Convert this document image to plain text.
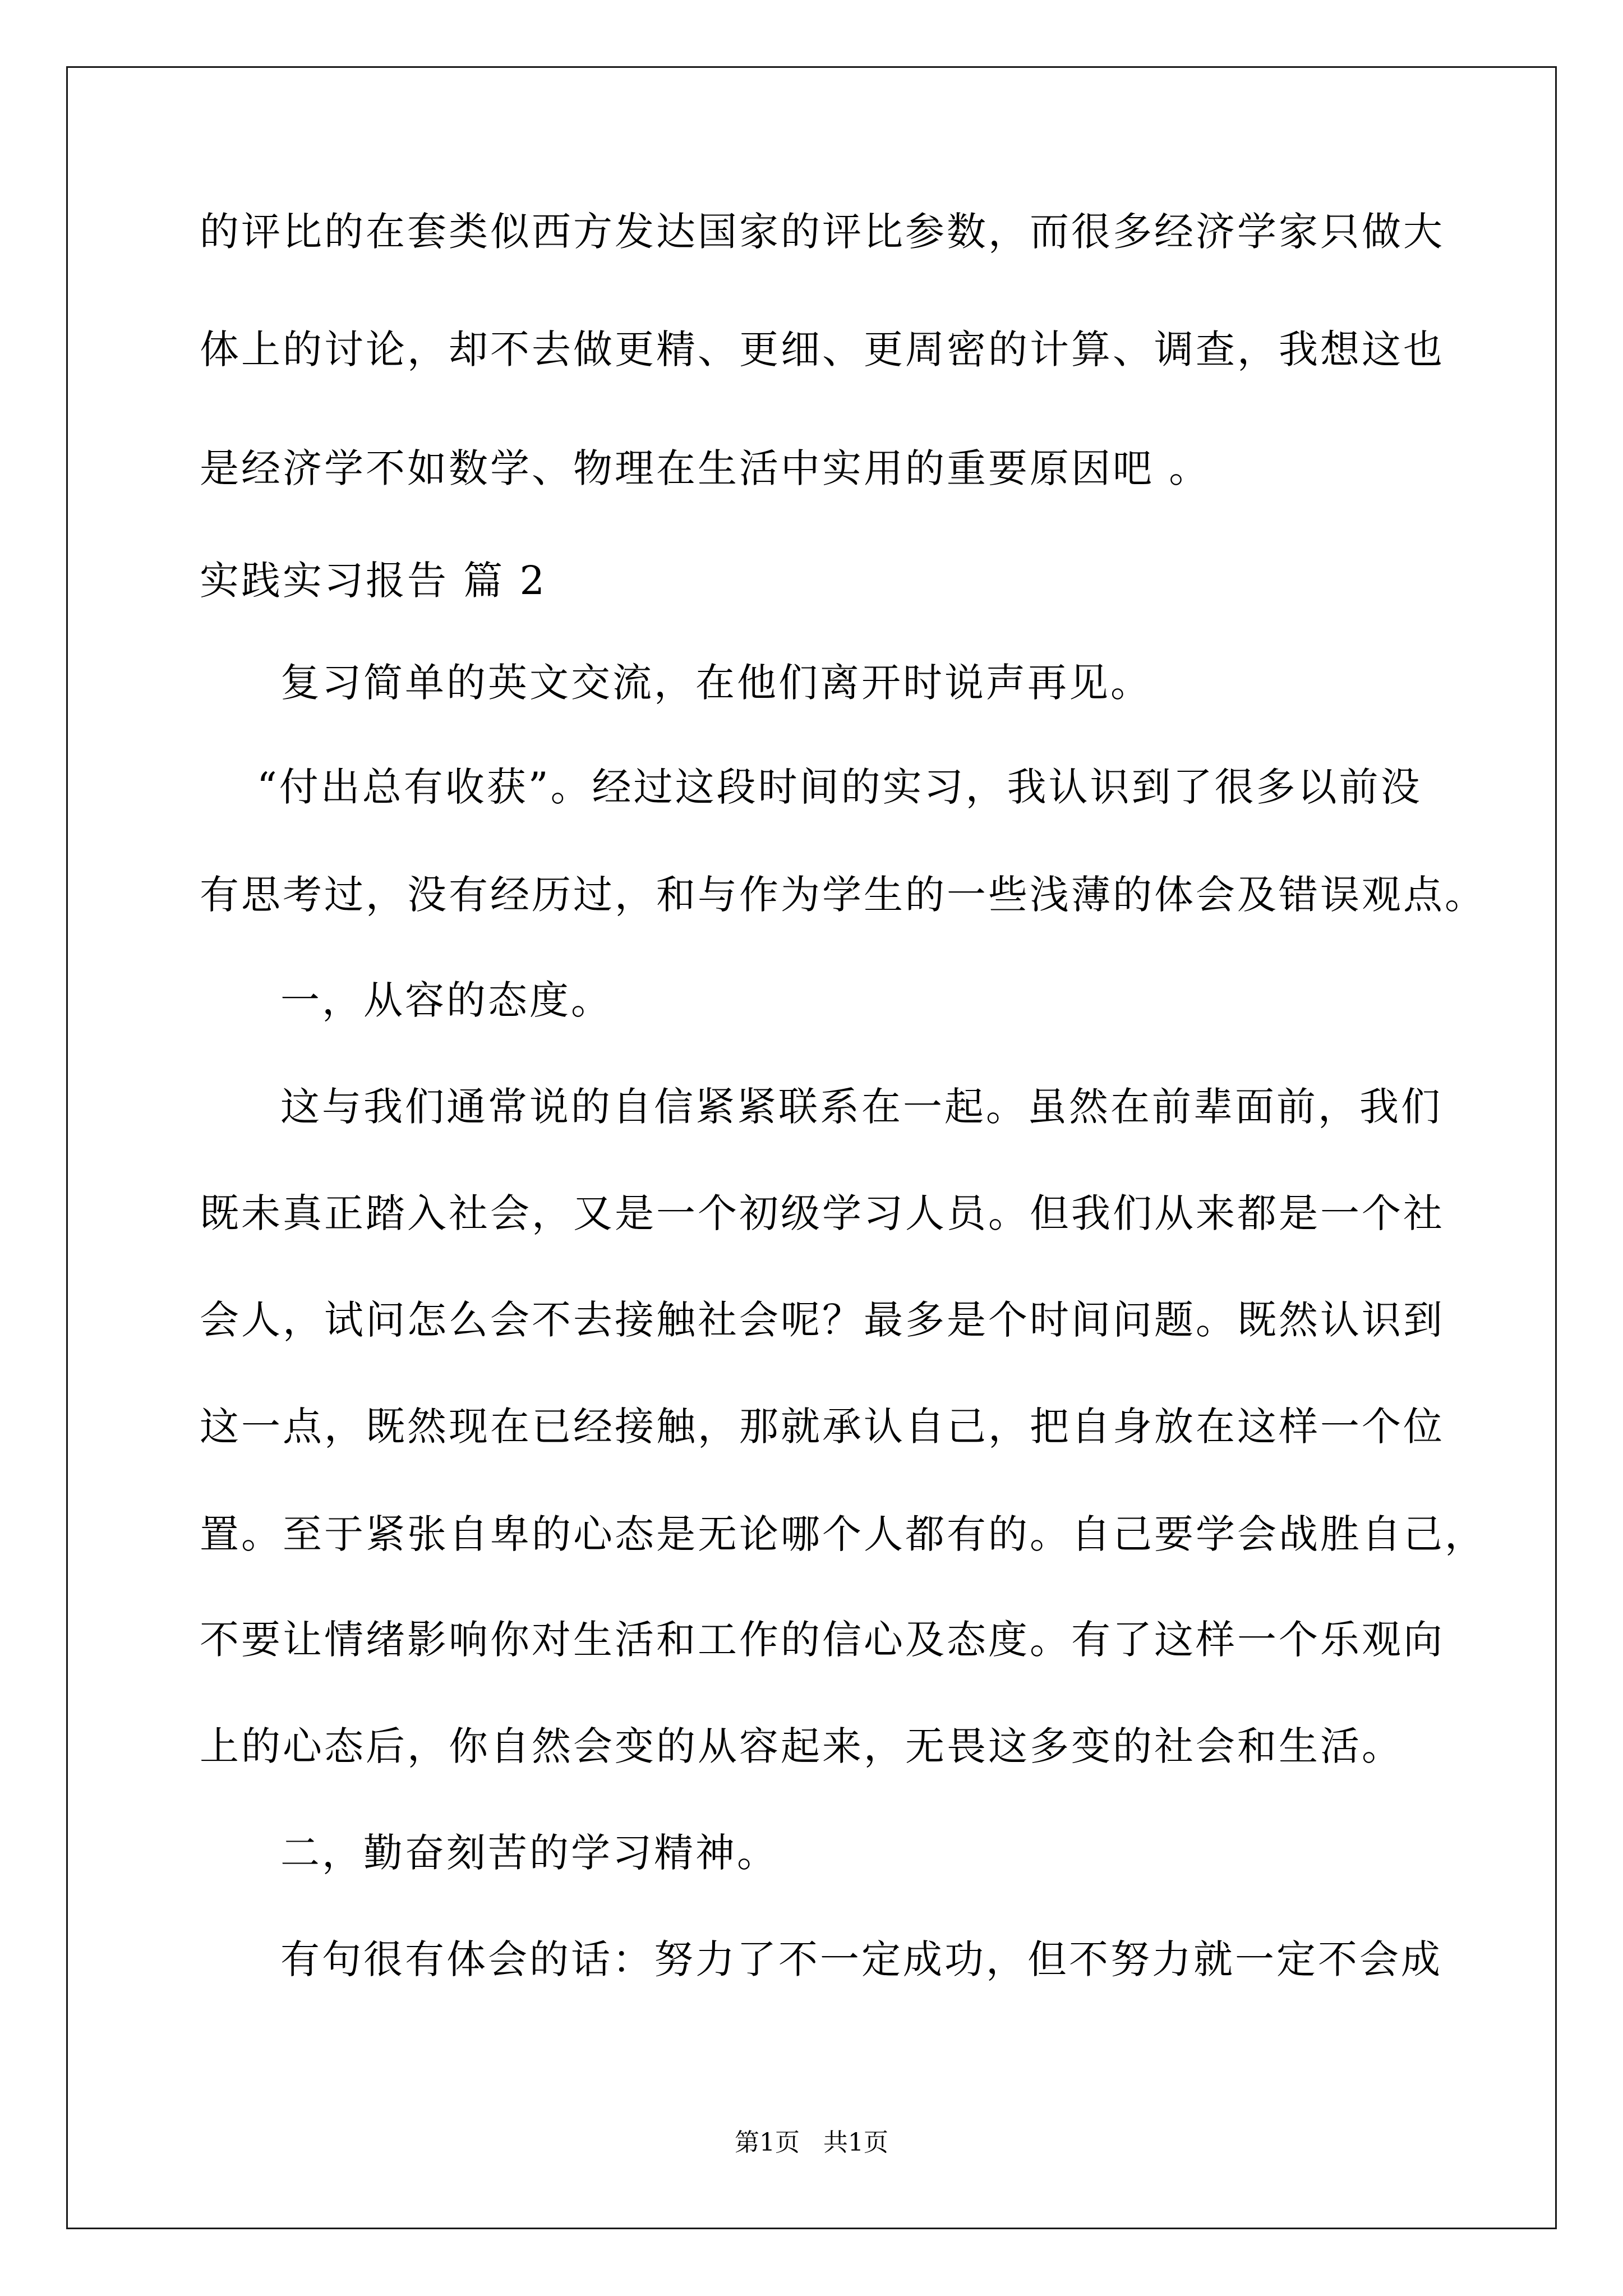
的评比的在套类似西方发达国家的评比参数，而很多经济学家只做大
体上的讨论，却不去做更精、更细、更周密的计算、调查，我想这也
是经济学不如数学、物理在生活中实用的重要原因吧 。
实践实习报告 篇 2
复习简单的英文交流，在他们离开时说声再见。
“付出总有收获”。经过这段时间的实习，我认识到了很多以前没
有思考过，没有经历过，和与作为学生的一些浅薄的体会及错误观点。
一，从容的态度。
这与我们通常说的自信紧紧联系在一起。虽然在前辈面前，我们
既未真正踏入社会，又是一个初级学习人员。但我们从来都是一个社
会人，试问怎么会不去接触社会呢？最多是个时间问题。既然认识到
这一点，既然现在已经接触，那就承认自己，把自身放在这样一个位
置。至于紧张自卑的心态是无论哪个人都有的。自己要学会战胜自己，
不要让情绪影响你对生活和工作的信心及态度。有了这样一个乐观向
上的心态后，你自然会变的从容起来，无畏这多变的社会和生活。
二，勤奋刻苦的学习精神。
有句很有体会的话：努力了不一定成功，但不努力就一定不会成
第1页   共1页
